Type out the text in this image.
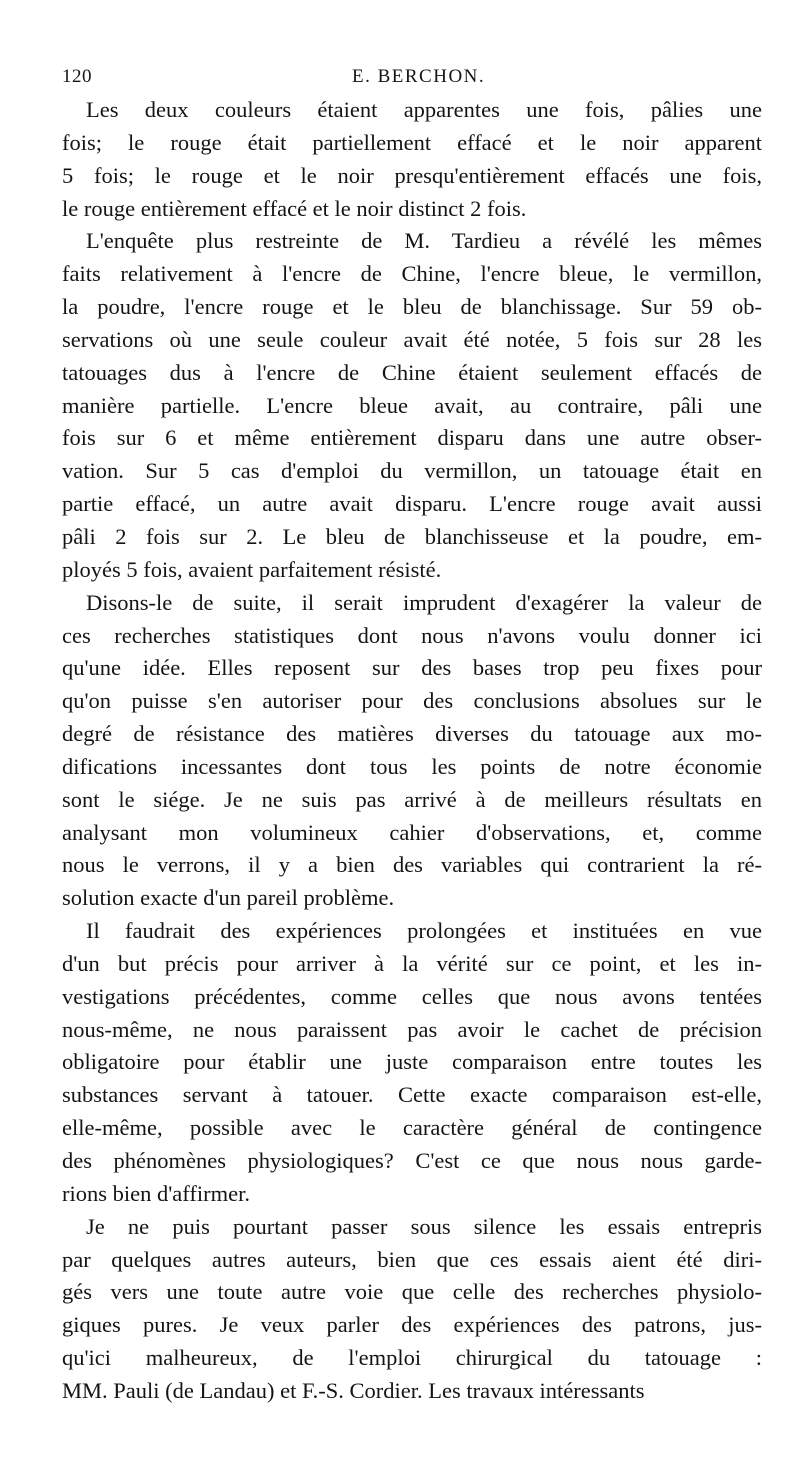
120	E. BERCHON.
Les deux couleurs étaient apparentes une fois, pâlies une
fois; le rouge était partiellement effacé et le noir apparent
5 fois; le rouge et le noir presqu'entièrement effacés une fois,
le rouge entièrement effacé et le noir distinct 2 fois.
L'enquête plus restreinte de M. Tardieu a révélé les mêmes
faits relativement à l'encre de Chine, l'encre bleue, le vermillon,
la poudre, l'encre rouge et le bleu de blanchissage. Sur 59 ob-
servations où une seule couleur avait été notée, 5 fois sur 28 les
tatouages dus à l'encre de Chine étaient seulement effacés de
manière partielle. L'encre bleue avait, au contraire, pâli une
fois sur 6 et même entièrement disparu dans une autre obser-
vation. Sur 5 cas d'emploi du vermillon, un tatouage était en
partie effacé, un autre avait disparu. L'encre rouge avait aussi
pâli 2 fois sur 2. Le bleu de blanchisseuse et la poudre, em-
ployés 5 fois, avaient parfaitement résisté.
Disons-le de suite, il serait imprudent d'exagérer la valeur de
ces recherches statistiques dont nous n'avons voulu donner ici
qu'une idée. Elles reposent sur des bases trop peu fixes pour
qu'on puisse s'en autoriser pour des conclusions absolues sur le
degré de résistance des matières diverses du tatouage aux mo-
difications incessantes dont tous les points de notre économie
sont le siége. Je ne suis pas arrivé à de meilleurs résultats en
analysant mon volumineux cahier d'observations, et, comme
nous le verrons, il y a bien des variables qui contrarient la ré-
solution exacte d'un pareil problème.
Il faudrait des expériences prolongées et instituées en vue
d'un but précis pour arriver à la vérité sur ce point, et les in-
vestigations précédentes, comme celles que nous avons tentées
nous-même, ne nous paraissent pas avoir le cachet de précision
obligatoire pour établir une juste comparaison entre toutes les
substances servant à tatouer. Cette exacte comparaison est-elle,
elle-même, possible avec le caractère général de contingence
des phénomènes physiologiques? C'est ce que nous nous garde-
rions bien d'affirmer.
Je ne puis pourtant passer sous silence les essais entrepris
par quelques autres auteurs, bien que ces essais aient été diri-
gés vers une toute autre voie que celle des recherches physiolo-
giques pures. Je veux parler des expériences des patrons, jus-
qu'ici malheureux, de l'emploi chirurgical du tatouage :
MM. Pauli (de Landau) et F.-S. Cordier. Les travaux intéressants
